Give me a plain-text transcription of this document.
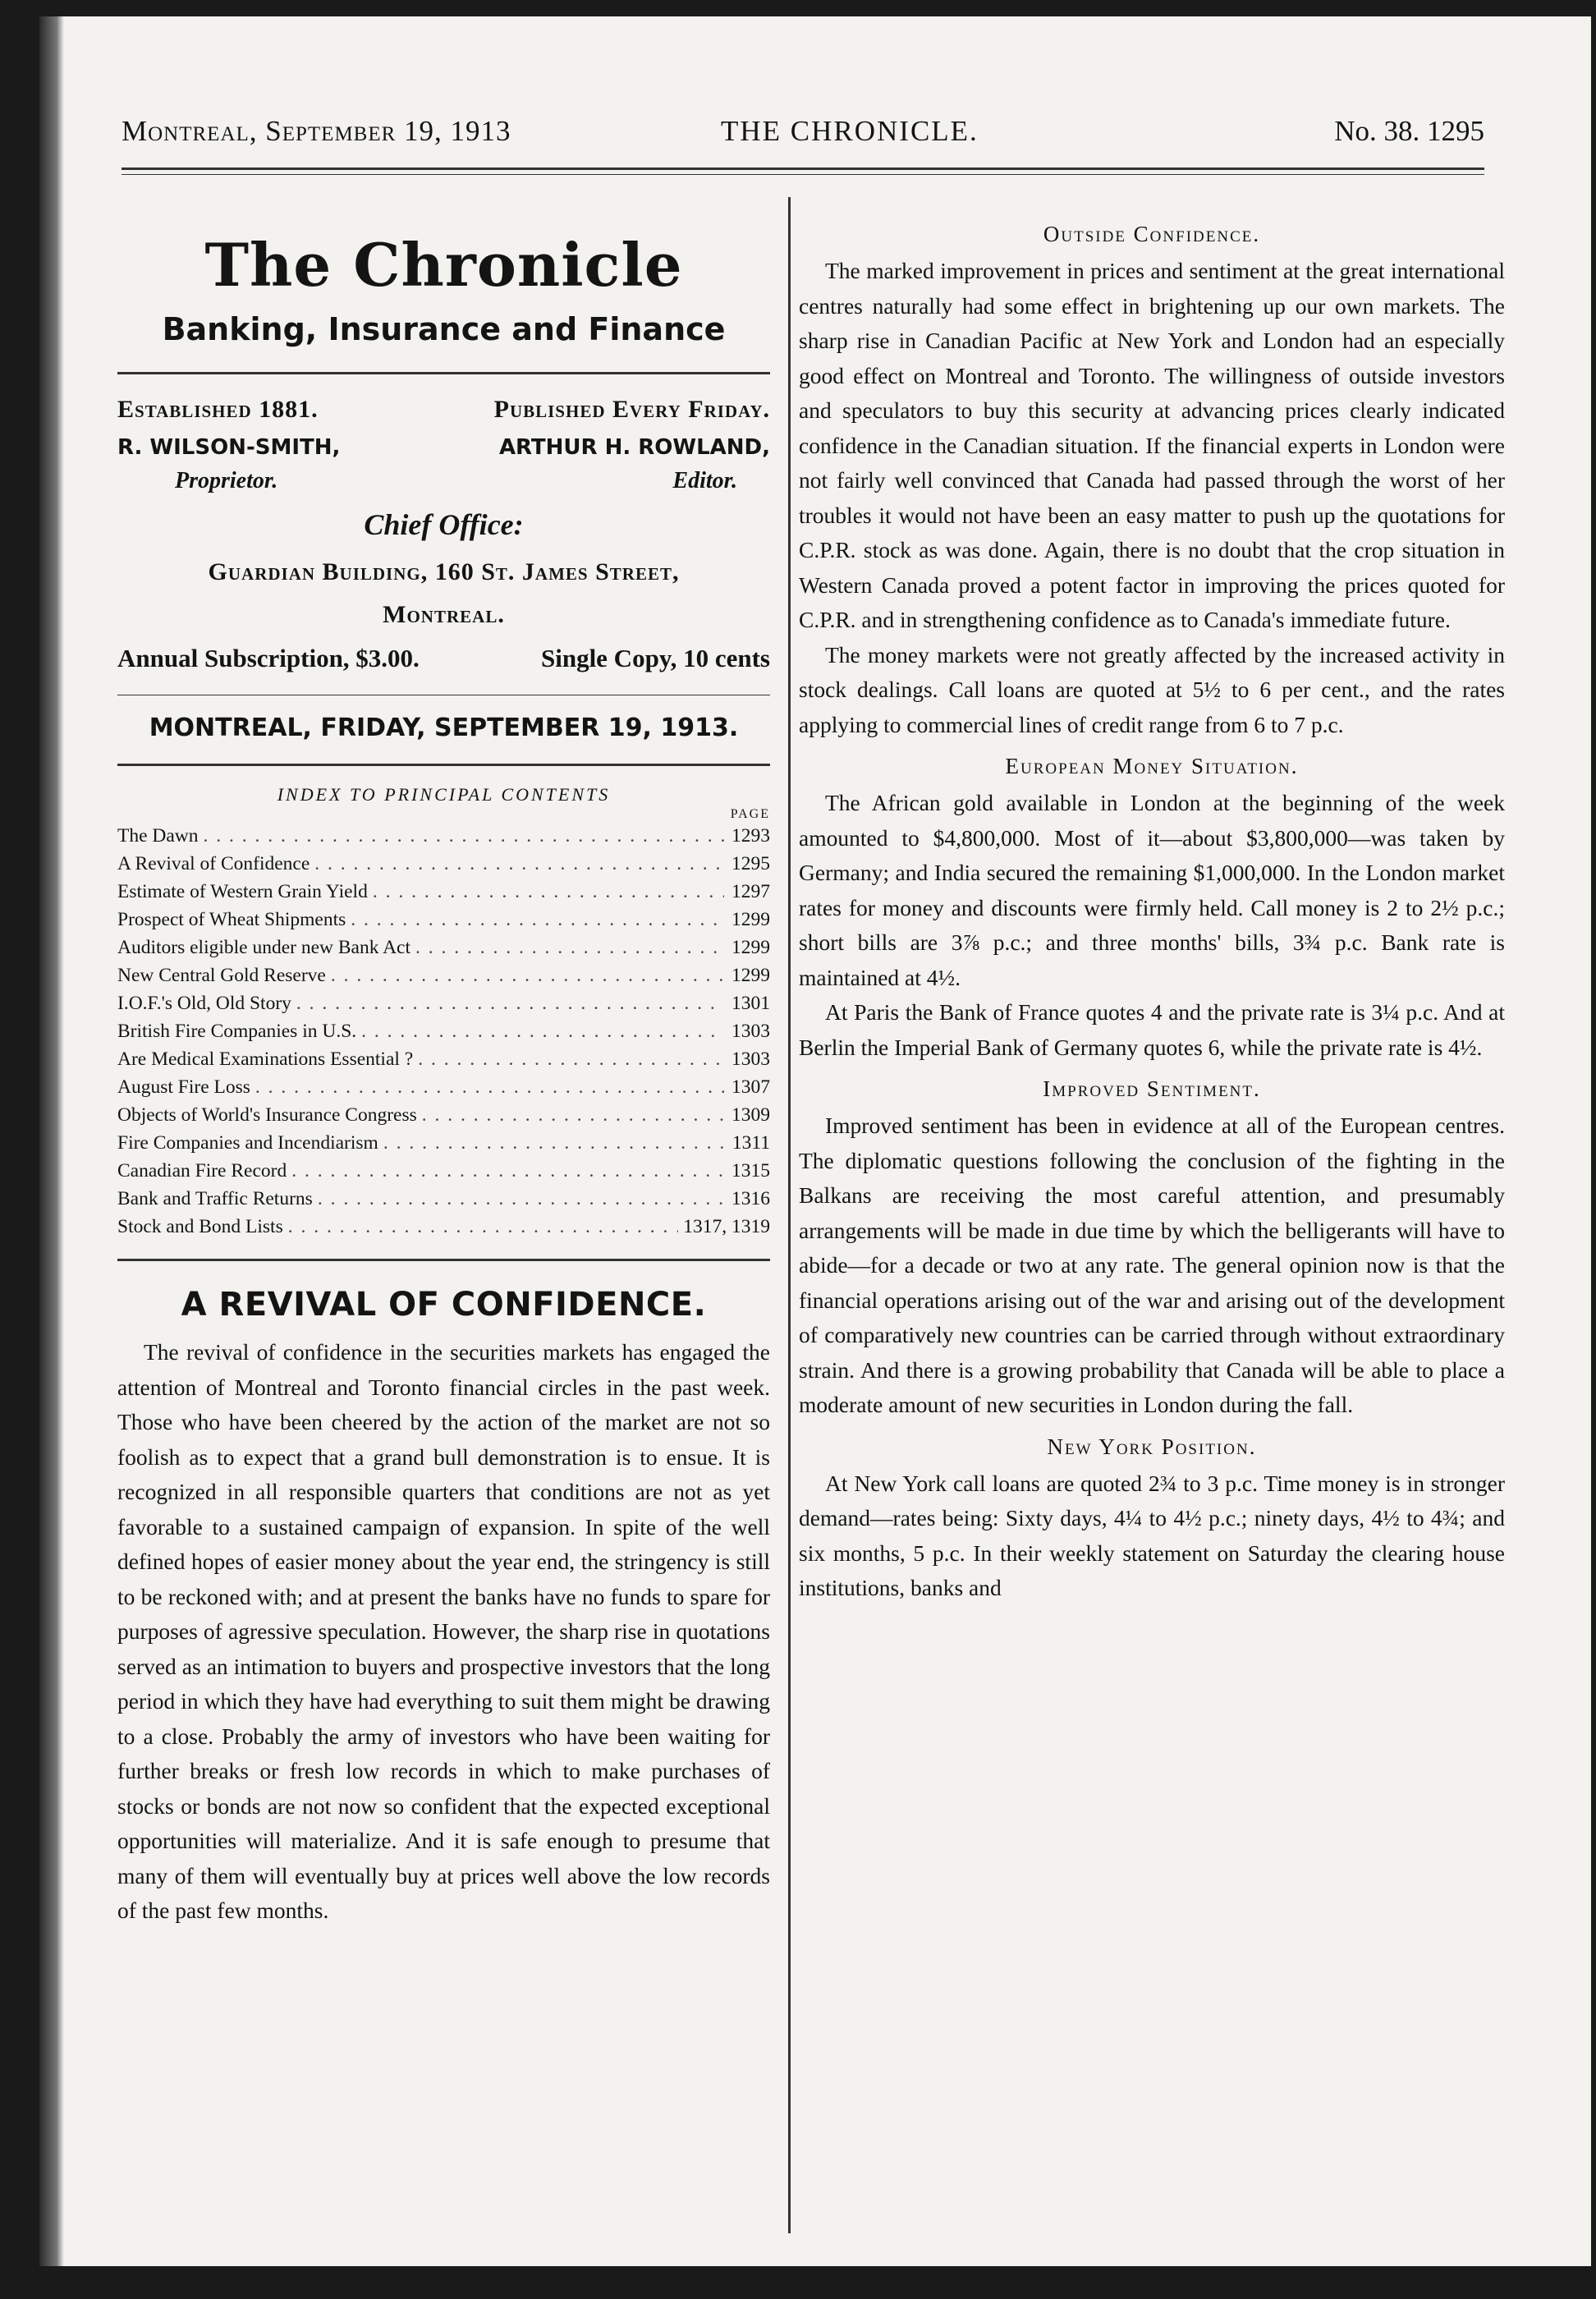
Montreal, September 19, 1913	THE CHRONICLE.	No. 38. 1295
The Chronicle
Banking, Insurance and Finance
Established 1881.	Published Every Friday.
R. WILSON-SMITH,	ARTHUR H. ROWLAND,
Proprietor.	Editor.
Chief Office:
Guardian Building, 160 St. James Street,
Montreal.
Annual Subscription, $3.00.	Single Copy, 10 cents
MONTREAL, FRIDAY, SEPTEMBER 19, 1913.
INDEX TO PRINCIPAL CONTENTS
PAGE
The Dawn . . .	1293
A Revival of Confidence . . .	1295
Estimate of Western Grain Yield . . .	1297
Prospect of Wheat Shipments . . .	1299
Auditors eligible under new Bank Act . . .	1299
New Central Gold Reserve . . .	1299
I.O.F.'s Old, Old Story . . .	1301
British Fire Companies in U.S. . . .	1303
Are Medical Examinations Essential ? . . .	1303
August Fire Loss . . .	1307
Objects of World's Insurance Congress . . .	1309
Fire Companies and Incendiarism . . .	1311
Canadian Fire Record . . .	1315
Bank and Traffic Returns . . .	1316
Stock and Bond Lists . . .	1317, 1319
A REVIVAL OF CONFIDENCE.

The revival of confidence in the securities markets has engaged the attention of Montreal and Toronto financial circles in the past week. Those who have been cheered by the action of the market are not so foolish as to expect that a grand bull demonstration is to ensue. It is recognized in all responsible quarters that conditions are not as yet favorable to a sustained campaign of expansion. In spite of the well defined hopes of easier money about the year end, the stringency is still to be reckoned with; and at present the banks have no funds to spare for purposes of agressive speculation. However, the sharp rise in quotations served as an intimation to buyers and prospective investors that the long period in which they have had everything to suit them might be drawing to a close. Probably the army of investors who have been waiting for further breaks or fresh low records in which to make purchases of stocks or bonds are not now so confident that the expected exceptional opportunities will materialize. And it is safe enough to presume that many of them will eventually buy at prices well above the low records of the past few months.

Outside Confidence.

The marked improvement in prices and sentiment at the great international centres naturally had some effect in brightening up our own markets. The sharp rise in Canadian Pacific at New York and London had an especially good effect on Montreal and Toronto. The willingness of outside investors and speculators to buy this security at advancing prices clearly indicated confidence in the Canadian situation. If the financial experts in London were not fairly well convinced that Canada had passed through the worst of her troubles it would not have been an easy matter to push up the quotations for C.P.R. stock as was done. Again, there is no doubt that the crop situation in Western Canada proved a potent factor in improving the prices quoted for C.P.R. and in strengthening confidence as to Canada's immediate future.

The money markets were not greatly affected by the increased activity in stock dealings. Call loans are quoted at 5½ to 6 per cent., and the rates applying to commercial lines of credit range from 6 to 7 p.c.

European Money Situation.

The African gold available in London at the beginning of the week amounted to $4,800,000. Most of it—about $3,800,000—was taken by Germany; and India secured the remaining $1,000,000. In the London market rates for money and discounts were firmly held. Call money is 2 to 2½ p.c.; short bills are 3⅞ p.c.; and three months' bills, 3¾ p.c. Bank rate is maintained at 4½.

At Paris the Bank of France quotes 4 and the private rate is 3¼ p.c. And at Berlin the Imperial Bank of Germany quotes 6, while the private rate is 4½.

Improved Sentiment.

Improved sentiment has been in evidence at all of the European centres. The diplomatic questions following the conclusion of the fighting in the Balkans are receiving the most careful attention, and presumably arrangements will be made in due time by which the belligerants will have to abide—for a decade or two at any rate. The general opinion now is that the financial operations arising out of the war and arising out of the development of comparatively new countries can be carried through without extraordinary strain. And there is a growing probability that Canada will be able to place a moderate amount of new securities in London during the fall.

New York Position.

At New York call loans are quoted 2¾ to 3 p.c. Time money is in stronger demand—rates being: Sixty days, 4¼ to 4½ p.c.; ninety days, 4½ to 4¾; and six months, 5 p.c. In their weekly statement on Saturday the clearing house institutions, banks and
